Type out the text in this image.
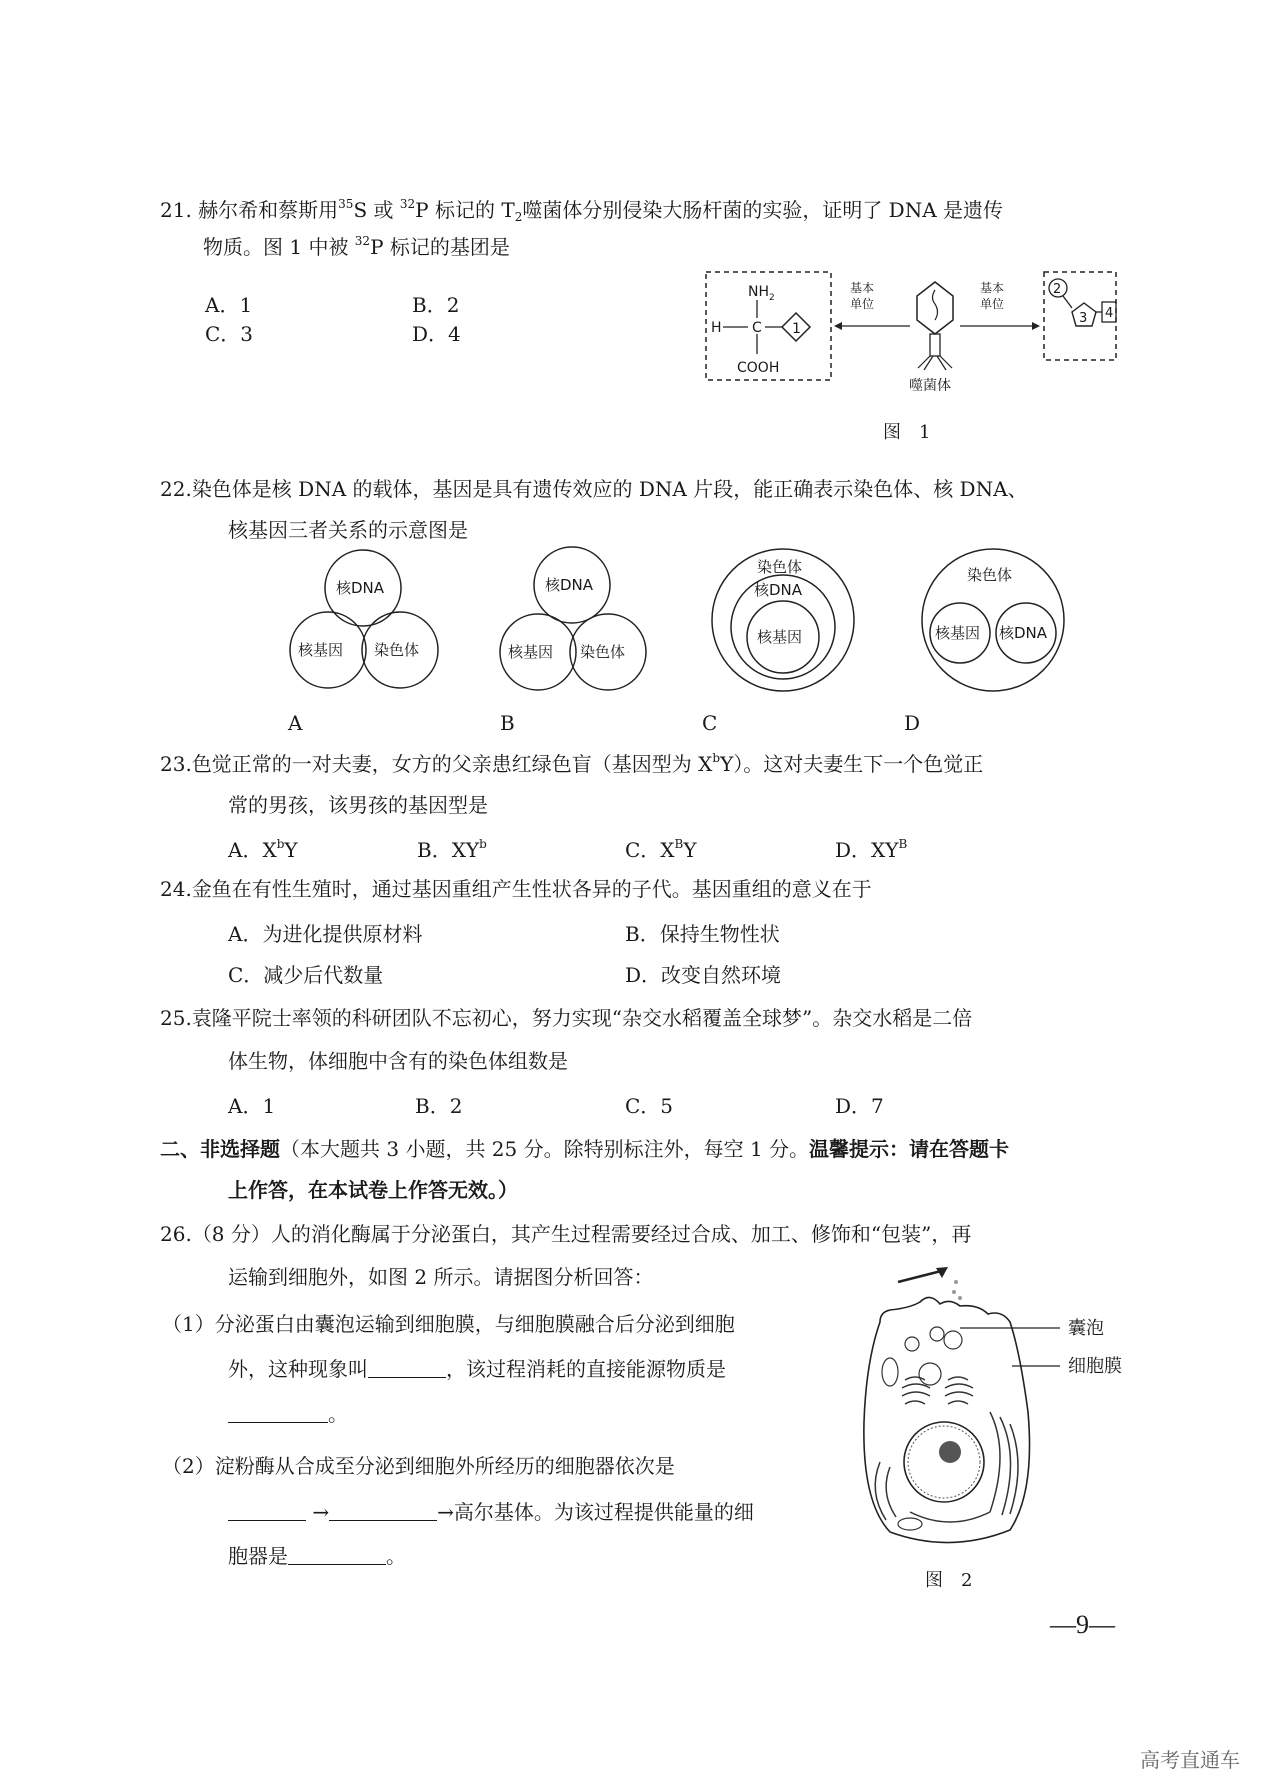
21. 赫尔希和蔡斯用$^{35}$S 或 $^{32}$P 标记的 $T_2$噬菌体分别侵染大肠杆菌的实验，证明了 DNA 是遗传
物质。图 1 中被 $^{32}$P 标记的基团是
A．1	B．2
C．3	D．4
NH 2
H C 1
COOH
基本
单位
噬菌体
基本
单位
2
3 4
图　1
22.染色体是核 DNA 的载体，基因是具有遗传效应的 DNA 片段，能正确表示染色体、核 DNA、
核基因三者关系的示意图是
核DNA
核基因 染色体
核DNA
核基因 染色体
染色体
核DNA
核基因
染色体
核基因 核DNA
A	B	C	D
23.色觉正常的一对夫妻，女方的父亲患红绿色盲（基因型为 $X^bY$）。这对夫妻生下一个色觉正
常的男孩，该男孩的基因型是
A．$X^bY$	B．$XY^b$	C．$X^BY$	D．$XY^B$
24.金鱼在有性生殖时，通过基因重组产生性状各异的子代。基因重组的意义在于
A．为进化提供原材料	B．保持生物性状
C．减少后代数量	D．改变自然环境
25.袁隆平院士率领的科研团队不忘初心，努力实现“杂交水稻覆盖全球梦”。杂交水稻是二倍
体生物，体细胞中含有的染色体组数是
A．1	B．2	C．5	D．7
二、非选择题（本大题共 3 小题，共 25 分。除特别标注外，每空 1 分。温馨提示：请在答题卡
上作答，在本试卷上作答无效。）
26.（8 分）人的消化酶属于分泌蛋白，其产生过程需要经过合成、加工、修饰和“包装”，再
运输到细胞外，如图 2 所示。请据图分析回答：
（1）分泌蛋白由囊泡运输到细胞膜，与细胞膜融合后分泌到细胞
外，这种现象叫	，该过程消耗的直接能源物质是
。
（2）淀粉酶从合成至分泌到细胞外所经历的细胞器依次是
→	→高尔基体。为该过程提供能量的细
胞器是	。
囊泡
细胞膜
图　2
—9—
高考直通车
